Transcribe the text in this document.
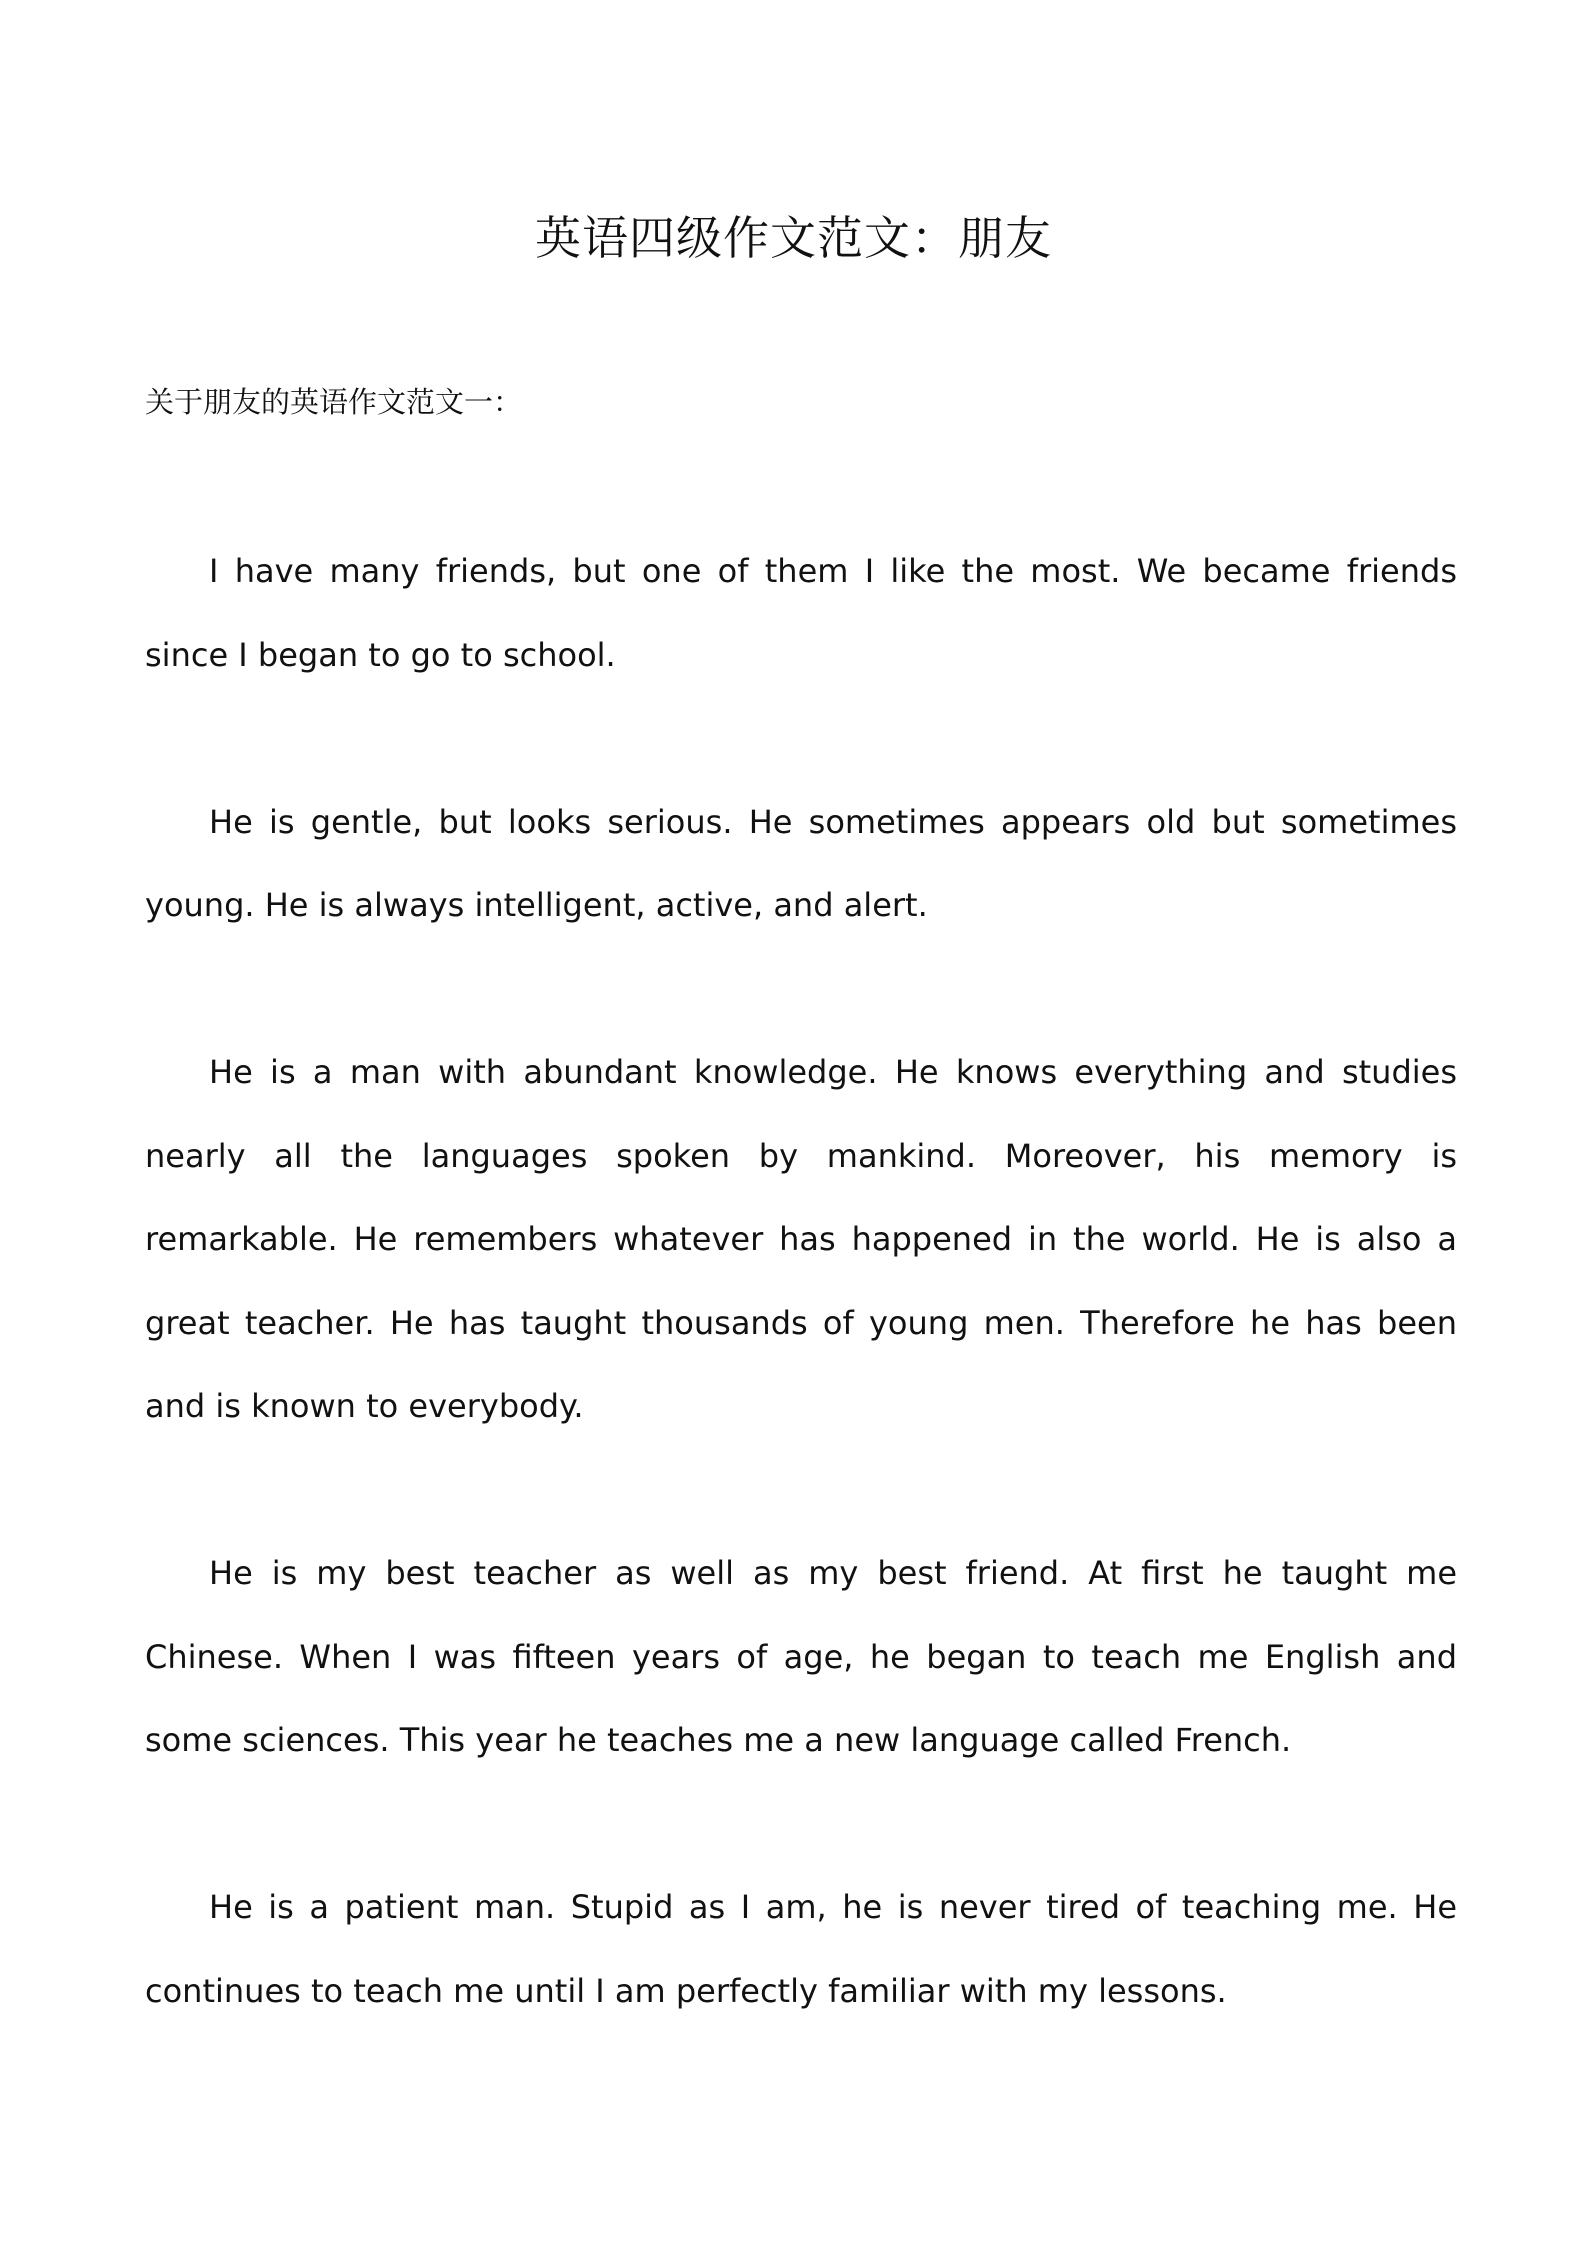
英语四级作文范文：朋友

关于朋友的英语作文范文一：

I have many friends, but one of them I like the most. We became friends since I began to go to school.

He is gentle, but looks serious. He sometimes appears old but sometimes young. He is always intelligent, active, and alert.

He is a man with abundant knowledge. He knows everything and studies nearly all the languages spoken by mankind. Moreover, his memory is remarkable. He remembers whatever has happened in the world. He is also a great teacher. He has taught thousands of young men. Therefore he has been and is known to everybody.

He is my best teacher as well as my best friend. At first he taught me Chinese. When I was fifteen years of age, he began to teach me English and some sciences. This year he teaches me a new language called French.

He is a patient man. Stupid as I am, he is never tired of teaching me. He continues to teach me until I am perfectly familiar with my lessons.
